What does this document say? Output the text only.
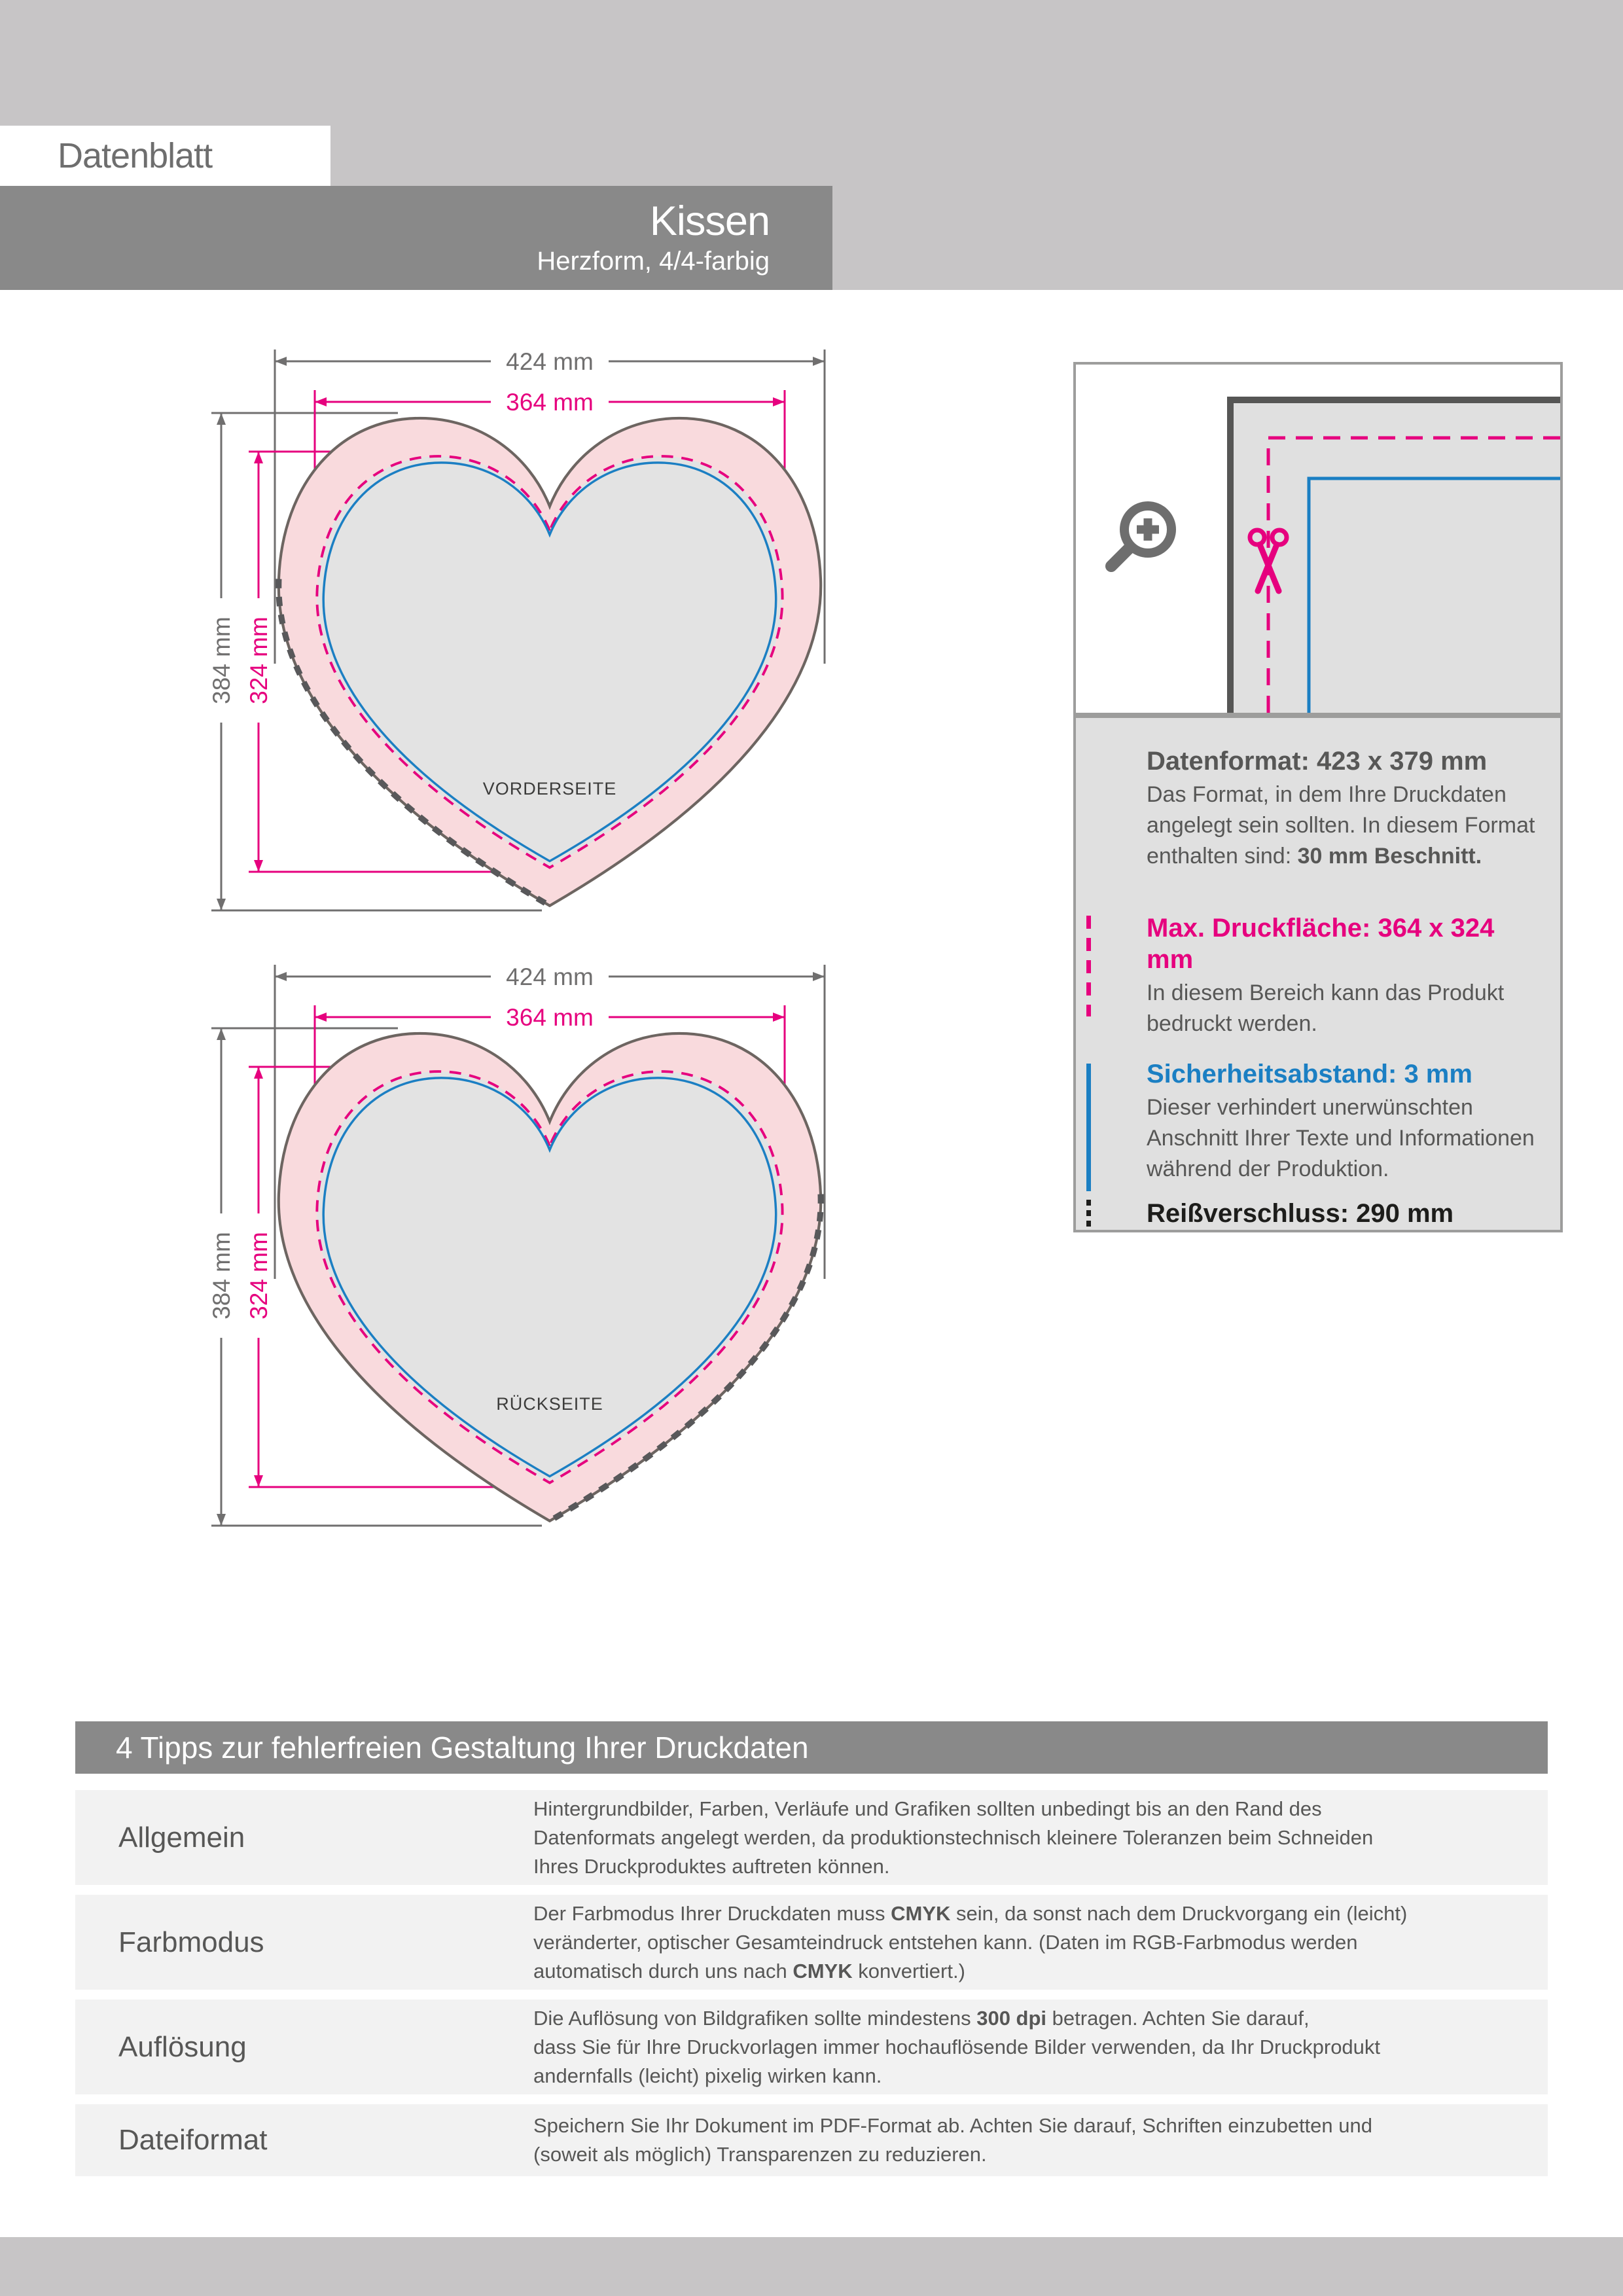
Datenblatt
Kissen
Herzform, 4/4-farbig
424 mm
364 mm
384 mm 324 mm
VORDERSEITE
424 mm
364 mm
384 mm 324 mm
RÜCKSEITE
Datenformat: 423 x 379 mm
Das Format, in dem Ihre Druckdaten
angelegt sein sollten. In diesem Format
enthalten sind: 30 mm Beschnitt.
Max. Druckfläche: 364 x 324 mm
In diesem Bereich kann das Produkt
bedruckt werden.
Sicherheitsabstand: 3 mm
Dieser verhindert unerwünschten
Anschnitt Ihrer Texte und Informationen
während der Produktion.
Reißverschluss: 290 mm
4 Tipps zur fehlerfreien Gestaltung Ihrer Druckdaten
Allgemein
Hintergrundbilder, Farben, Verläufe und Grafiken sollten unbedingt bis an den Rand des
Datenformats angelegt werden, da produktionstechnisch kleinere Toleranzen beim Schneiden
Ihres Druckproduktes auftreten können.
Farbmodus
Der Farbmodus Ihrer Druckdaten muss CMYK sein, da sonst nach dem Druckvorgang ein (leicht)
veränderter, optischer Gesamteindruck entstehen kann. (Daten im RGB-Farbmodus werden
automatisch durch uns nach CMYK konvertiert.)
Auflösung
Die Auflösung von Bildgrafiken sollte mindestens 300 dpi betragen. Achten Sie darauf,
dass Sie für Ihre Druckvorlagen immer hochauflösende Bilder verwenden, da Ihr Druckprodukt
andernfalls (leicht) pixelig wirken kann.
Dateiformat	Speichern Sie Ihr Dokument im PDF-Format ab. Achten Sie darauf, Schriften einzubetten und
(soweit als möglich) Transparenzen zu reduzieren.
